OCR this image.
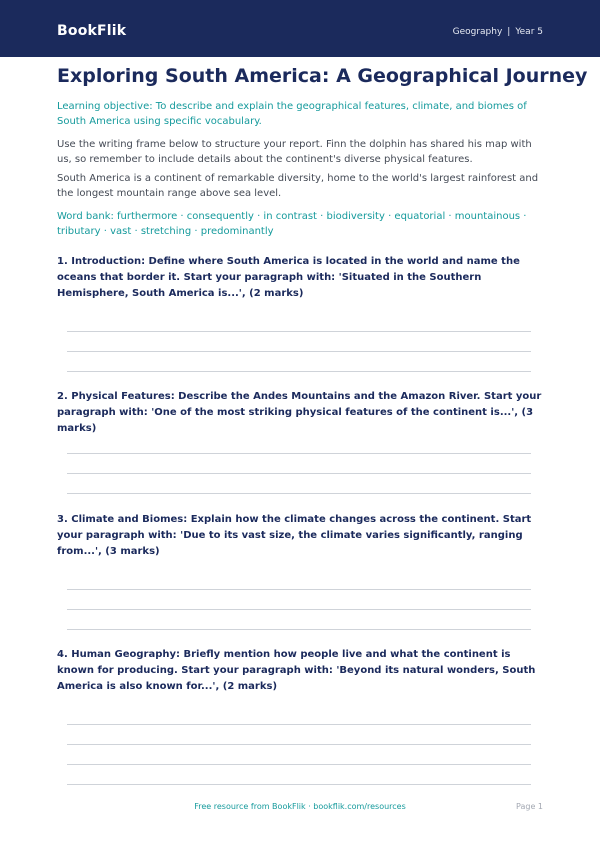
BookFlik	Geography | Year 5
Exploring South America: A Geographical Journey

Learning objective: To describe and explain the geographical features, climate, and biomes of South America using specific vocabulary.

Use the writing frame below to structure your report. Finn the dolphin has shared his map with us, so remember to include details about the continent's diverse physical features.

South America is a continent of remarkable diversity, home to the world's largest rainforest and the longest mountain range above sea level.

Word bank: furthermore · consequently · in contrast · biodiversity · equatorial · mountainous · tributary · vast · stretching · predominantly

1. Introduction: Define where South America is located in the world and name the oceans that border it. Start your paragraph with: 'Situated in the Southern Hemisphere, South America is...', (2 marks)

2. Physical Features: Describe the Andes Mountains and the Amazon River. Start your paragraph with: 'One of the most striking physical features of the continent is...', (3 marks)

3. Climate and Biomes: Explain how the climate changes across the continent. Start your paragraph with: 'Due to its vast size, the climate varies significantly, ranging from...', (3 marks)

4. Human Geography: Briefly mention how people live and what the continent is known for producing. Start your paragraph with: 'Beyond its natural wonders, South America is also known for...', (2 marks)

Free resource from BookFlik · bookflik.com/resources	Page 1
